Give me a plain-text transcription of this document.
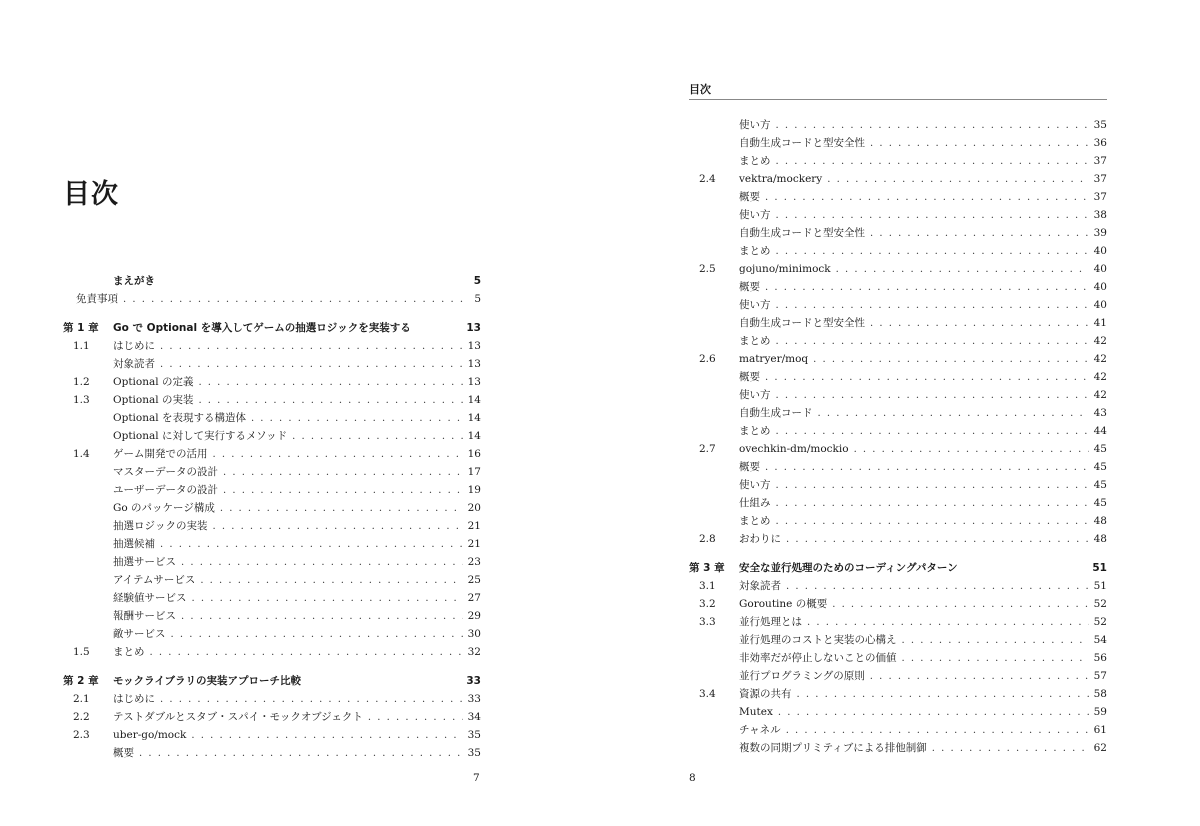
目次
まえがき	5
免責事項 . . .	5
第 1 章	Go で Optional を導入してゲームの抽選ロジックを実装する	13
1.1	はじめに . . .	13
対象読者 . . .	13
1.2	Optional の定義 . . .	13
1.3	Optional の実装 . . .	14
Optional を表現する構造体 . . .	14
Optional に対して実行するメソッド . . .	14
1.4	ゲーム開発での活用 . . .	16
マスターデータの設計 . . .	17
ユーザーデータの設計 . . .	19
Go のパッケージ構成 . . .	20
抽選ロジックの実装 . . .	21
抽選候補 . . .	21
抽選サービス . . .	23
アイテムサービス . . .	25
経験値サービス . . .	27
報酬サービス . . .	29
敵サービス . . .	30
1.5	まとめ . . .	32
第 2 章	モックライブラリの実装アプローチ比較	33
2.1	はじめに . . .	33
2.2	テストダブルとスタブ・スパイ・モックオブジェクト . . .	34
2.3	uber-go/mock . . .	35
概要 . . .	35
7
目次
使い方 . . .	35
自動生成コードと型安全性 . . .	36
まとめ . . .	37
2.4	vektra/mockery . . .	37
概要 . . .	37
使い方 . . .	38
自動生成コードと型安全性 . . .	39
まとめ . . .	40
2.5	gojuno/minimock . . .	40
概要 . . .	40
使い方 . . .	40
自動生成コードと型安全性 . . .	41
まとめ . . .	42
2.6	matryer/moq . . .	42
概要 . . .	42
使い方 . . .	42
自動生成コード . . .	43
まとめ . . .	44
2.7	ovechkin-dm/mockio . . .	45
概要 . . .	45
使い方 . . .	45
仕組み . . .	45
まとめ . . .	48
2.8	おわりに . . .	48
第 3 章	安全な並行処理のためのコーディングパターン	51
3.1	対象読者 . . .	51
3.2	Goroutine の概要 . . .	52
3.3	並行処理とは . . .	52
並行処理のコストと実装の心構え . . .	54
非効率だが停止しないことの価値 . . .	56
並行プログラミングの原則 . . .	57
3.4	資源の共有 . . .	58
Mutex . . .	59
チャネル . . .	61
複数の同期プリミティブによる排他制御 . . .	62
8
